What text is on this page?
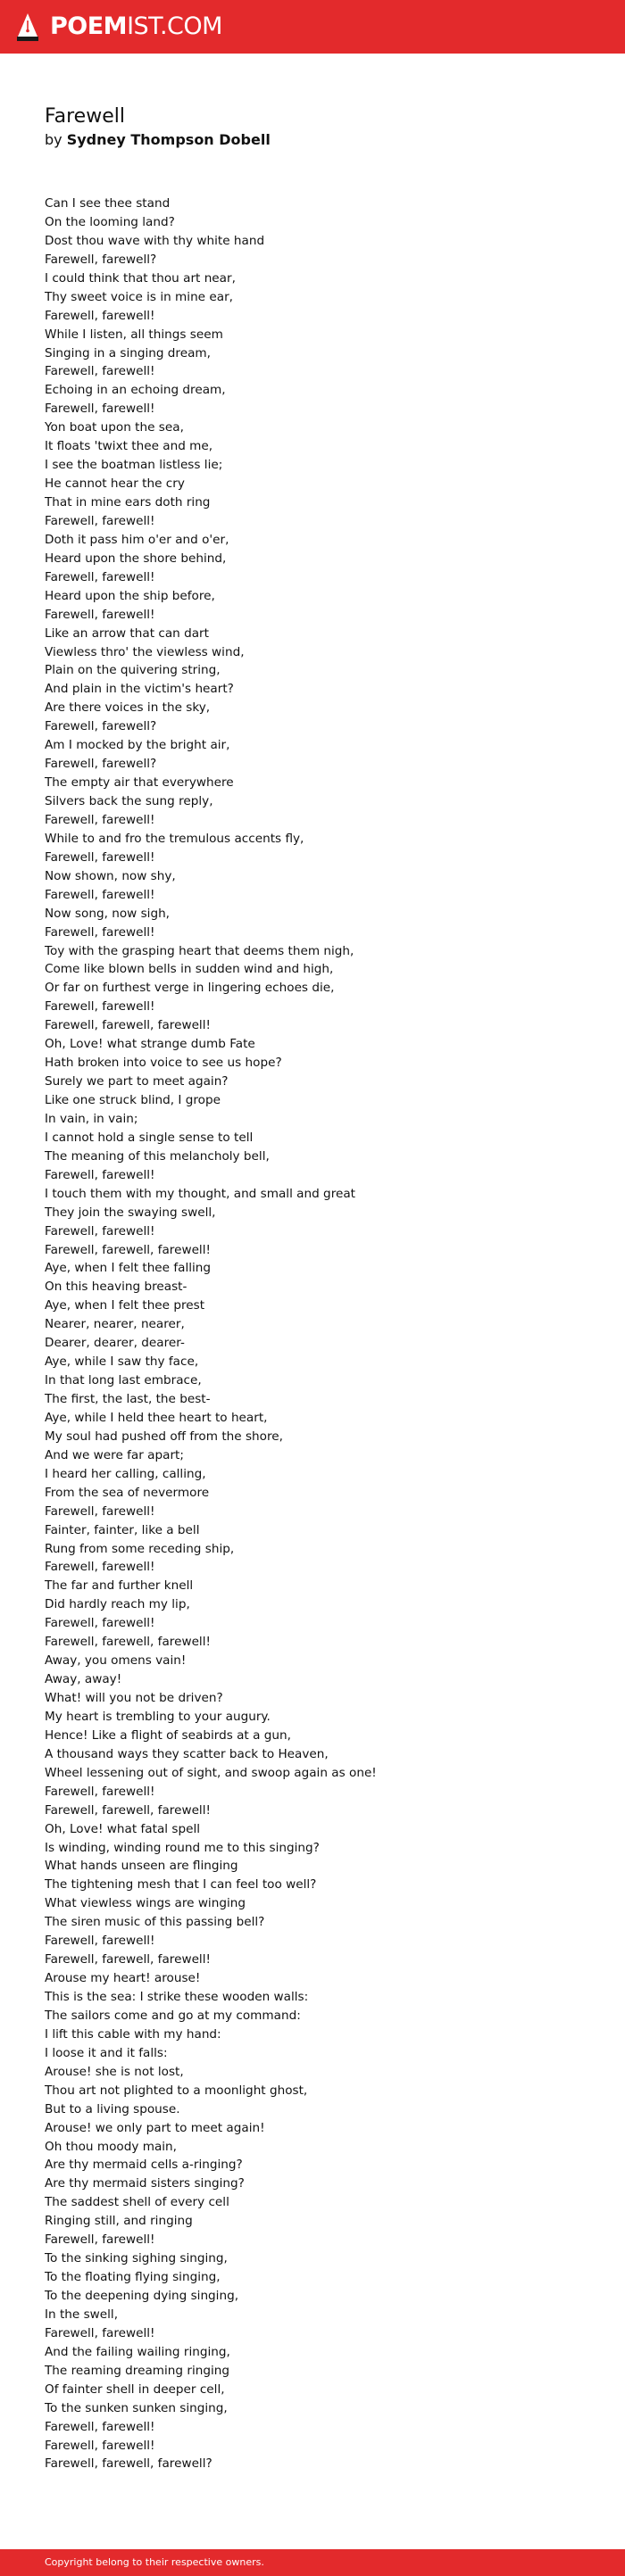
POEMIST.COM
Farewell
by Sydney Thompson Dobell
Can I see thee stand
On the looming land?
Dost thou wave with thy white hand
Farewell, farewell?
I could think that thou art near,
Thy sweet voice is in mine ear,
Farewell, farewell!
While I listen, all things seem
Singing in a singing dream,
Farewell, farewell!
Echoing in an echoing dream,
Farewell, farewell!
Yon boat upon the sea,
It floats 'twixt thee and me,
I see the boatman listless lie;
He cannot hear the cry
That in mine ears doth ring
Farewell, farewell!
Doth it pass him o'er and o'er,
Heard upon the shore behind,
Farewell, farewell!
Heard upon the ship before,
Farewell, farewell!
Like an arrow that can dart
Viewless thro' the viewless wind,
Plain on the quivering string,
And plain in the victim's heart?
Are there voices in the sky,
Farewell, farewell?
Am I mocked by the bright air,
Farewell, farewell?
The empty air that everywhere
Silvers back the sung reply,
Farewell, farewell!
While to and fro the tremulous accents fly,
Farewell, farewell!
Now shown, now shy,
Farewell, farewell!
Now song, now sigh,
Farewell, farewell!
Toy with the grasping heart that deems them nigh,
Come like blown bells in sudden wind and high,
Or far on furthest verge in lingering echoes die,
Farewell, farewell!
Farewell, farewell, farewell!
Oh, Love! what strange dumb Fate
Hath broken into voice to see us hope?
Surely we part to meet again?
Like one struck blind, I grope
In vain, in vain;
I cannot hold a single sense to tell
The meaning of this melancholy bell,
Farewell, farewell!
I touch them with my thought, and small and great
They join the swaying swell,
Farewell, farewell!
Farewell, farewell, farewell!
Aye, when I felt thee falling
On this heaving breast-
Aye, when I felt thee prest
Nearer, nearer, nearer,
Dearer, dearer, dearer-
Aye, while I saw thy face,
In that long last embrace,
The first, the last, the best-
Aye, while I held thee heart to heart,
My soul had pushed off from the shore,
And we were far apart;
I heard her calling, calling,
From the sea of nevermore
Farewell, farewell!
Fainter, fainter, like a bell
Rung from some receding ship,
Farewell, farewell!
The far and further knell
Did hardly reach my lip,
Farewell, farewell!
Farewell, farewell, farewell!
Away, you omens vain!
Away, away!
What! will you not be driven?
My heart is trembling to your augury.
Hence! Like a flight of seabirds at a gun,
A thousand ways they scatter back to Heaven,
Wheel lessening out of sight, and swoop again as one!
Farewell, farewell!
Farewell, farewell, farewell!
Oh, Love! what fatal spell
Is winding, winding round me to this singing?
What hands unseen are flinging
The tightening mesh that I can feel too well?
What viewless wings are winging
The siren music of this passing bell?
Farewell, farewell!
Farewell, farewell, farewell!
Arouse my heart! arouse!
This is the sea: I strike these wooden walls:
The sailors come and go at my command:
I lift this cable with my hand:
I loose it and it falls:
Arouse! she is not lost,
Thou art not plighted to a moonlight ghost,
But to a living spouse.
Arouse! we only part to meet again!
Oh thou moody main,
Are thy mermaid cells a-ringing?
Are thy mermaid sisters singing?
The saddest shell of every cell
Ringing still, and ringing
Farewell, farewell!
To the sinking sighing singing,
To the floating flying singing,
To the deepening dying singing,
In the swell,
Farewell, farewell!
And the failing wailing ringing,
The reaming dreaming ringing
Of fainter shell in deeper cell,
To the sunken sunken singing,
Farewell, farewell!
Farewell, farewell!
Farewell, farewell, farewell?
Copyright belong to their respective owners.
